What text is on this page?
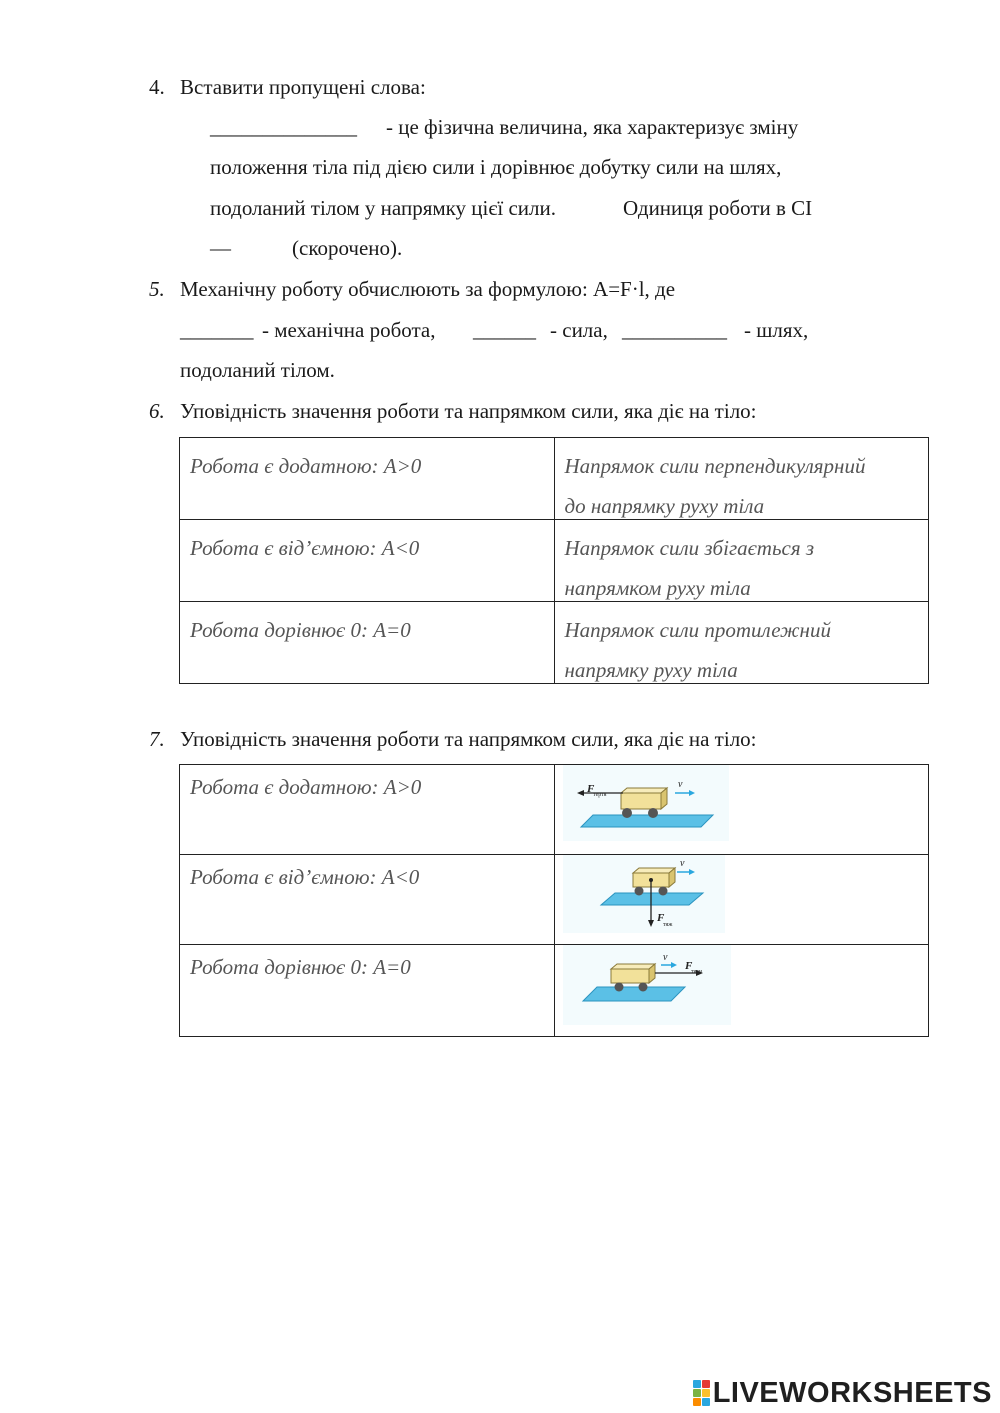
4. Вставити пропущені слова:
______________ - це фізична величина, яка характеризує зміну
положення тіла під дією сили і дорівнює добутку сили на шлях,
подоланий тілом у напрямку цієї сили.	Одиниця роботи в СІ
—	(скорочено).
5. Механічну роботу обчислюють за формулою: A=F·l, де
_______ - механічна робота, ______ - сила, __________ - шлях,
подоланий тілом.
6. Уповідність значення роботи та напрямком сили, яка діє на тіло:
Робота є додатною: A>0	Напрямок сили перпендикулярний
до напрямку руху тіла

Робота є від’ємною: A<0	Напрямок сили збігається з
напрямком руху тіла

Робота дорівнює 0: A=0	Напрямок сили протилежний
напрямку руху тіла
7. Уповідність значення роботи та напрямком сили, яка діє на тіло:
Робота є додатною: A>0	F
тертя
v

Робота є від’ємною: A<0	F
тяж
v

Робота дорівнює 0: A=0	F
тяги
v
LIVEWORKSHEETS
